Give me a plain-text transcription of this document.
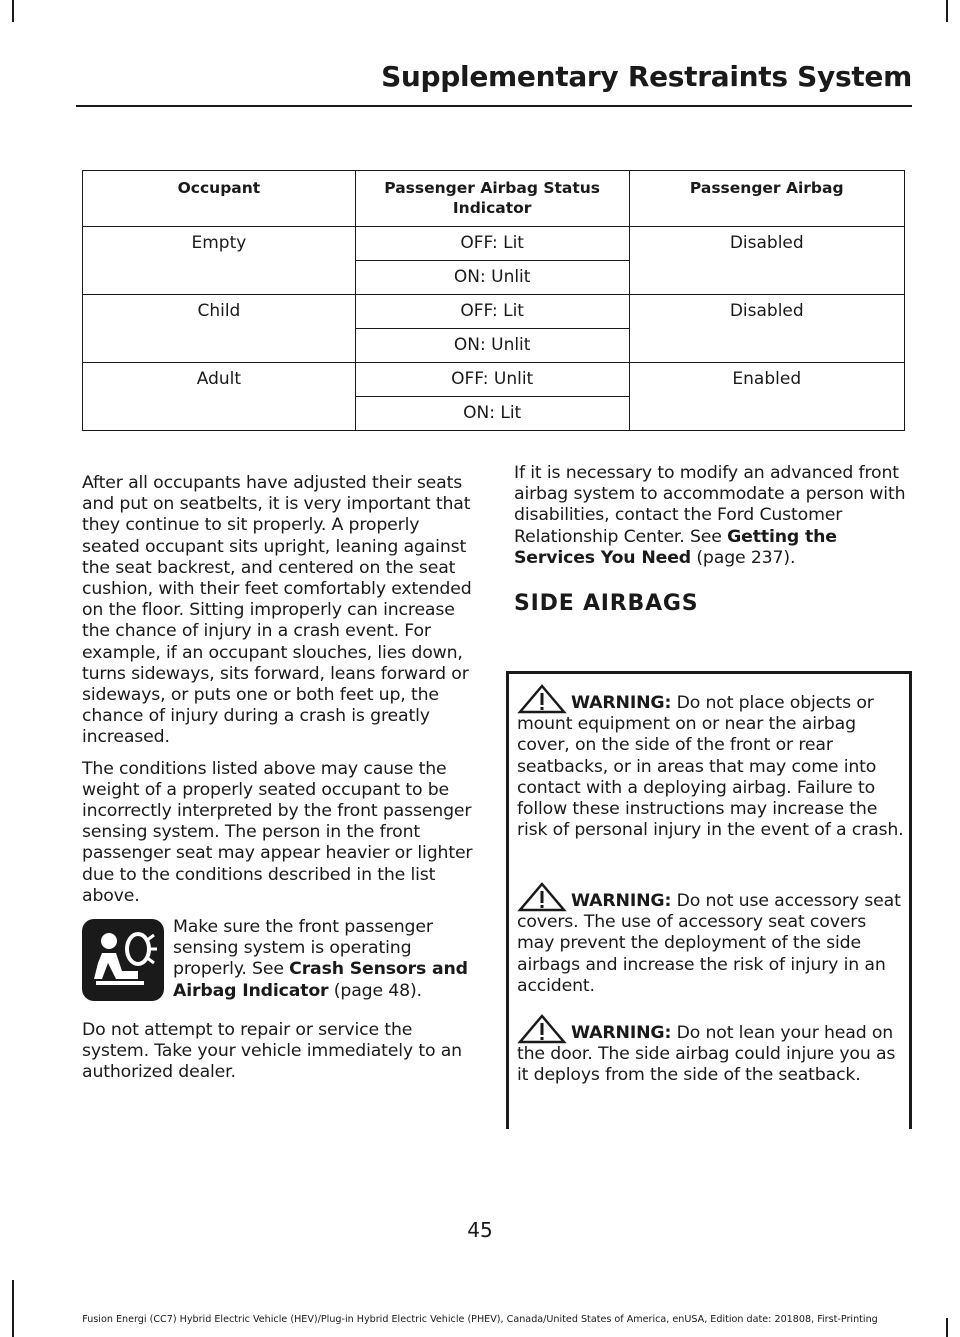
Supplementary Restraints System
Occupant	Passenger Airbag Status Indicator	Passenger Airbag
Empty	OFF: Lit	Disabled
	ON: Unlit	
Child	OFF: Lit	Disabled
	ON: Unlit	
Adult	OFF: Unlit	Enabled
	ON: Lit	

After all occupants have adjusted their seats and put on seatbelts, it is very important that they continue to sit properly. A properly seated occupant sits upright, leaning against the seat backrest, and centered on the seat cushion, with their feet comfortably extended on the floor. Sitting improperly can increase the chance of injury in a crash event. For example, if an occupant slouches, lies down, turns sideways, sits forward, leans forward or sideways, or puts one or both feet up, the chance of injury during a crash is greatly increased.

The conditions listed above may cause the weight of a properly seated occupant to be incorrectly interpreted by the front passenger sensing system. The person in the front passenger seat may appear heavier or lighter due to the conditions described in the list above.

Make sure the front passenger sensing system is operating properly. See Crash Sensors and Airbag Indicator (page 48).

Do not attempt to repair or service the system. Take your vehicle immediately to an authorized dealer.

If it is necessary to modify an advanced front airbag system to accommodate a person with disabilities, contact the Ford Customer Relationship Center. See Getting the Services You Need (page 237).

SIDE AIRBAGS
WARNING: Do not place objects or mount equipment on or near the airbag cover, on the side of the front or rear seatbacks, or in areas that may come into contact with a deploying airbag. Failure to follow these instructions may increase the risk of personal injury in the event of a crash.
WARNING: Do not use accessory seat covers. The use of accessory seat covers may prevent the deployment of the side airbags and increase the risk of injury in an accident.
WARNING: Do not lean your head on the door. The side airbag could injure you as it deploys from the side of the seatback.
45
Fusion Energi (CC7) Hybrid Electric Vehicle (HEV)/Plug-in Hybrid Electric Vehicle (PHEV), Canada/United States of America, enUSA, Edition date: 201808, First-Printing
